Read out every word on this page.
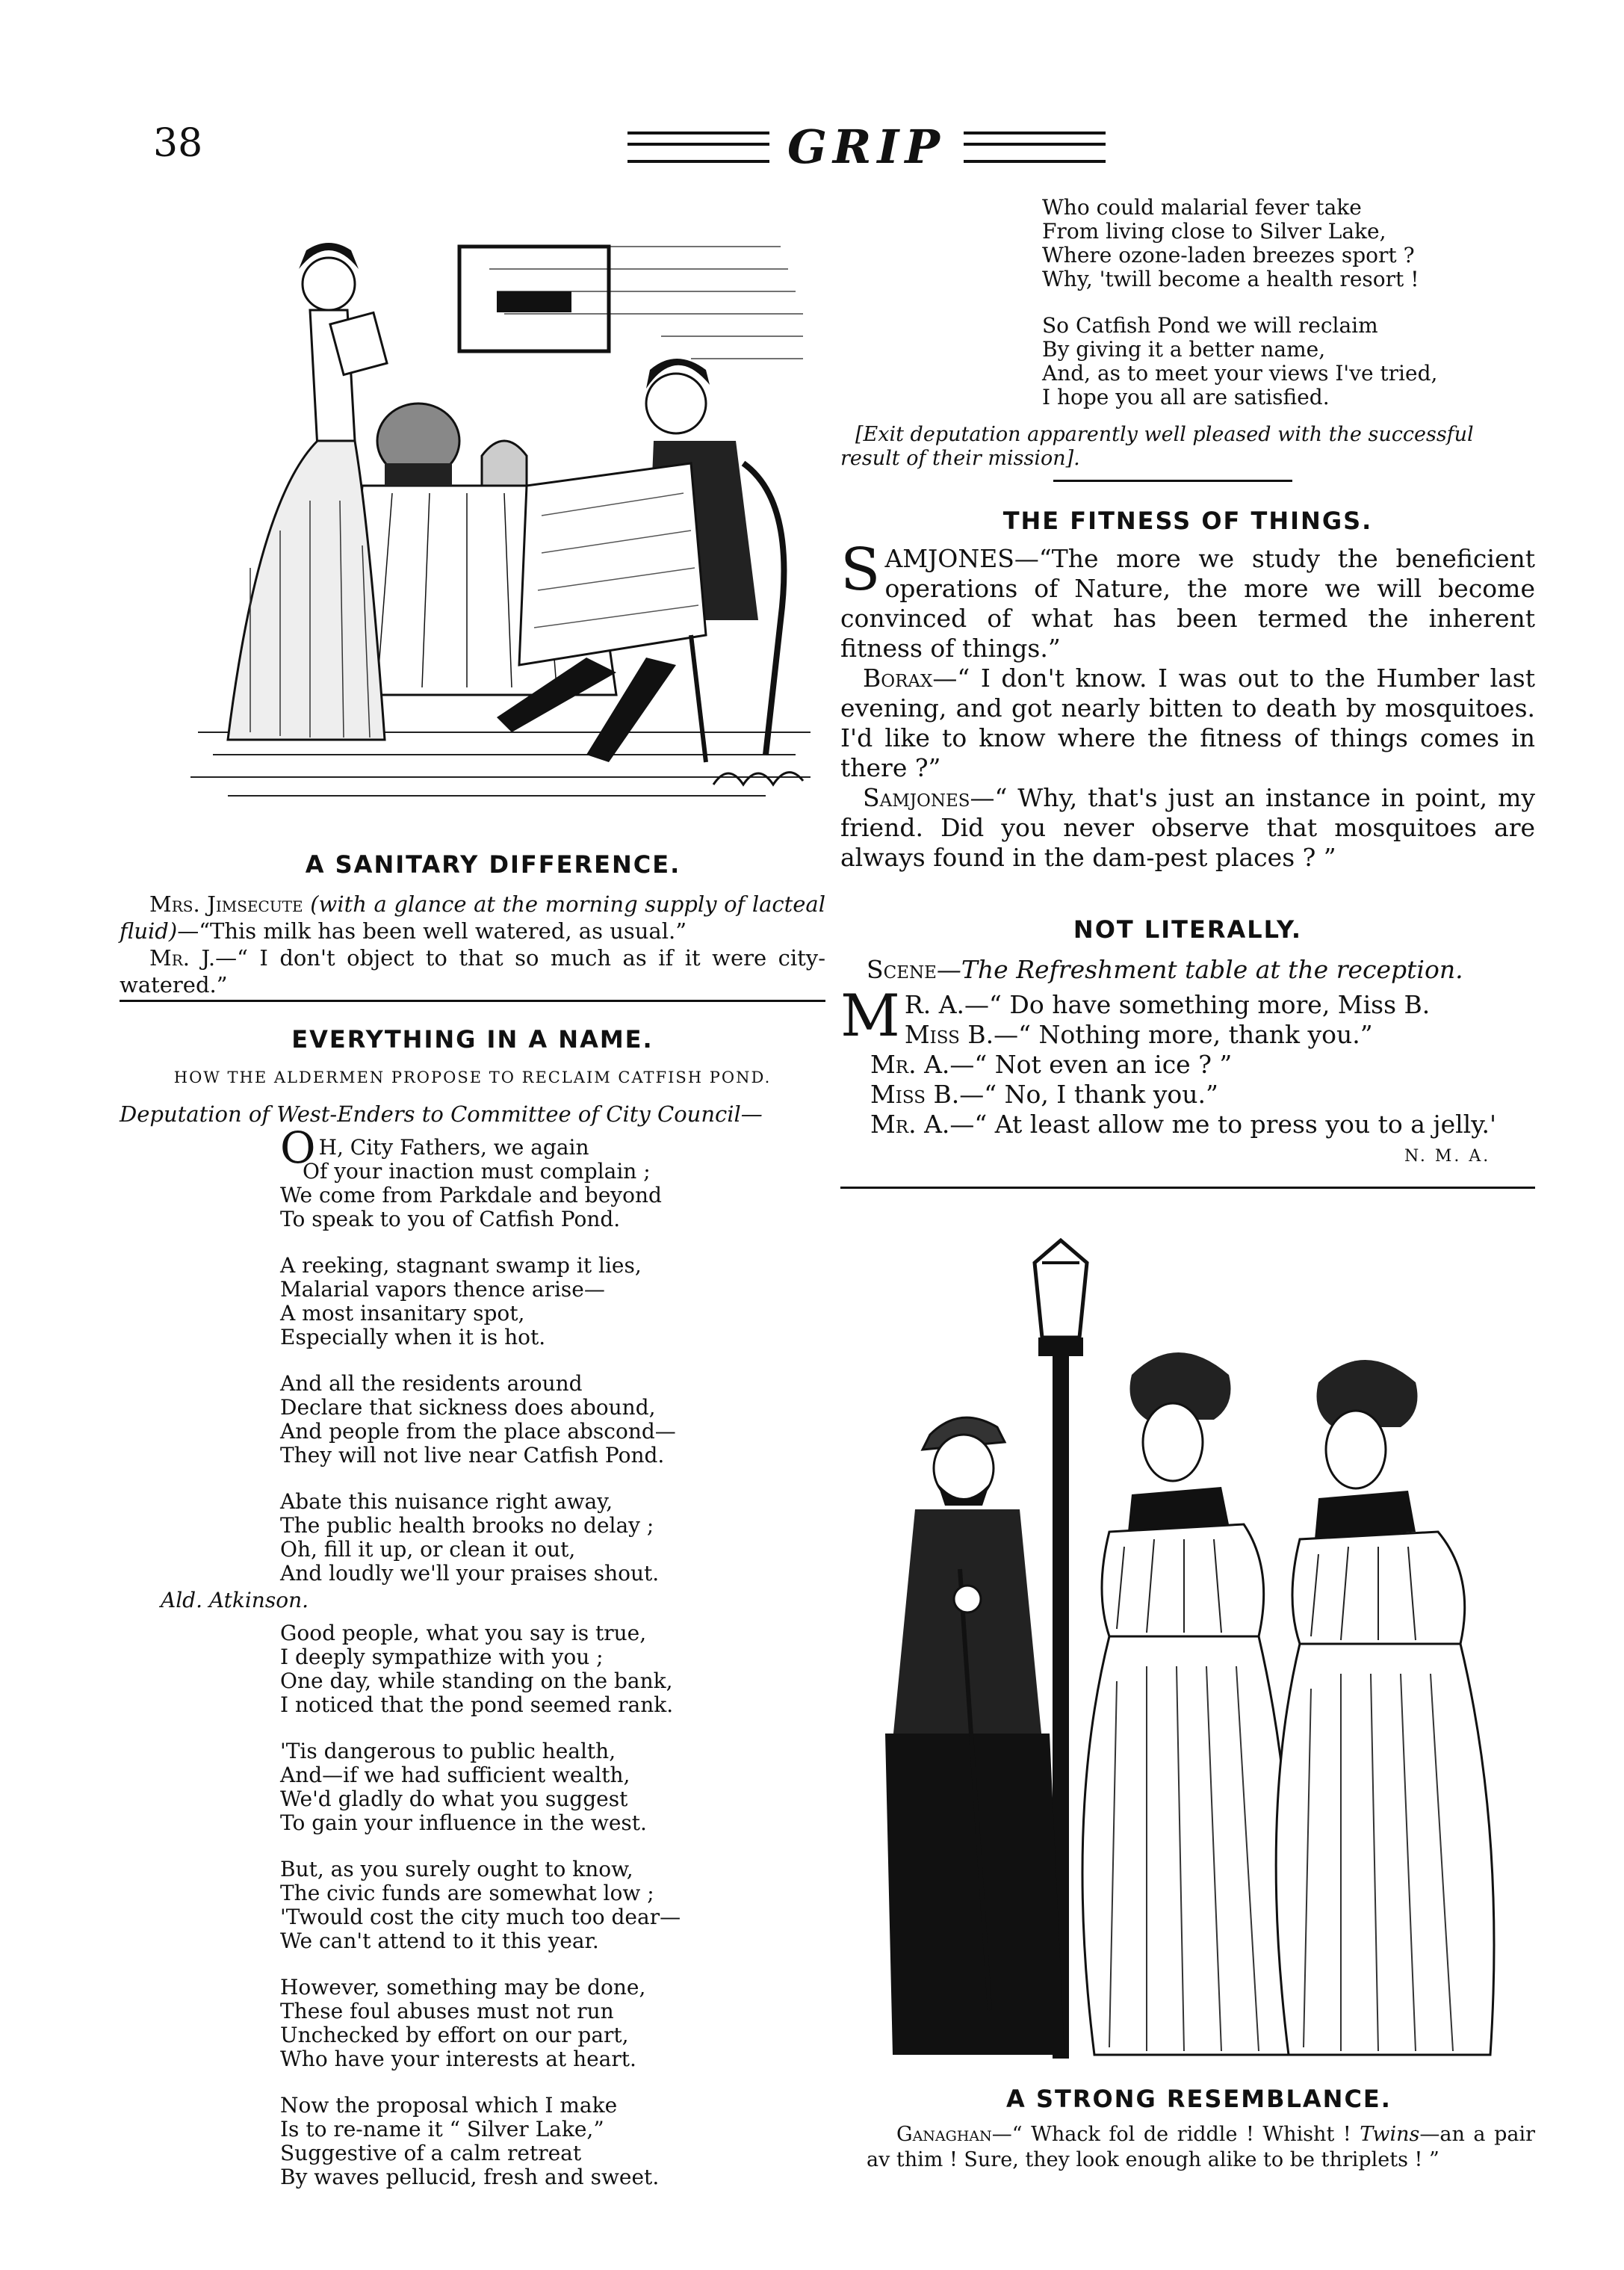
38	GRIP
A SANITARY DIFFERENCE.

Mrs. Jimsecute (with a glance at the morning supply of lacteal fluid)—“This milk has been well watered, as usual.”

Mr. J.—“ I don't object to that so much as if it were city-watered.”

EVERYTHING IN A NAME.
HOW THE ALDERMEN PROPOSE TO RECLAIM CATFISH POND.
Deputation of West-Enders to Committee of City Council—
O H, City Fathers, we again
Of your inaction must complain ;
We come from Parkdale and beyond
To speak to you of Catfish Pond.
A reeking, stagnant swamp it lies,
Malarial vapors thence arise—
A most insanitary spot,
Especially when it is hot.
And all the residents around
Declare that sickness does abound,
And people from the place abscond—
They will not live near Catfish Pond.
Abate this nuisance right away,
The public health brooks no delay ;
Oh, fill it up, or clean it out,
And loudly we'll your praises shout.
Ald. Atkinson.
Good people, what you say is true,
I deeply sympathize with you ;
One day, while standing on the bank,
I noticed that the pond seemed rank.
'Tis dangerous to public health,
And—if we had sufficient wealth,
We'd gladly do what you suggest
To gain your influence in the west.
But, as you surely ought to know,
The civic funds are somewhat low ;
'Twould cost the city much too dear—
We can't attend to it this year.
However, something may be done,
These foul abuses must not run
Unchecked by effort on our part,
Who have your interests at heart.
Now the proposal which I make
Is to re-name it “ Silver Lake,”
Suggestive of a calm retreat
By waves pellucid, fresh and sweet.
Who could malarial fever take
From living close to Silver Lake,
Where ozone-laden breezes sport ?
Why, 'twill become a health resort !
So Catfish Pond we will reclaim
By giving it a better name,
And, as to meet your views I've tried,
I hope you all are satisfied.
[Exit deputation apparently well pleased with the successful result of their mission].
THE FITNESS OF THINGS.

SAMJONES—“The more we study the beneficient operations of Nature, the more we will become convinced of what has been termed the inherent fitness of things.”

Borax—“ I don't know. I was out to the Humber last evening, and got nearly bitten to death by mosquitoes. I'd like to know where the fitness of things comes in there ?”

Samjones—“ Why, that's just an instance in point, my friend. Did you never observe that mosquitoes are always found in the dam-pest places ? ”

NOT LITERALLY.
Scene—The Refreshment table at the reception.

M R. A.—“ Do have something more, Miss B.

Miss B.—“ Nothing more, thank you.”

Mr. A.—“ Not even an ice ? ”

Miss B.—“ No, I thank you.”

Mr. A.—“ At least allow me to press you to a jelly.'

N. M. A.
A STRONG RESEMBLANCE.
Ganaghan—“ Whack fol de riddle ! Whisht ! Twins—an a pair av thim ! Sure, they look enough alike to be thriplets ! ”
